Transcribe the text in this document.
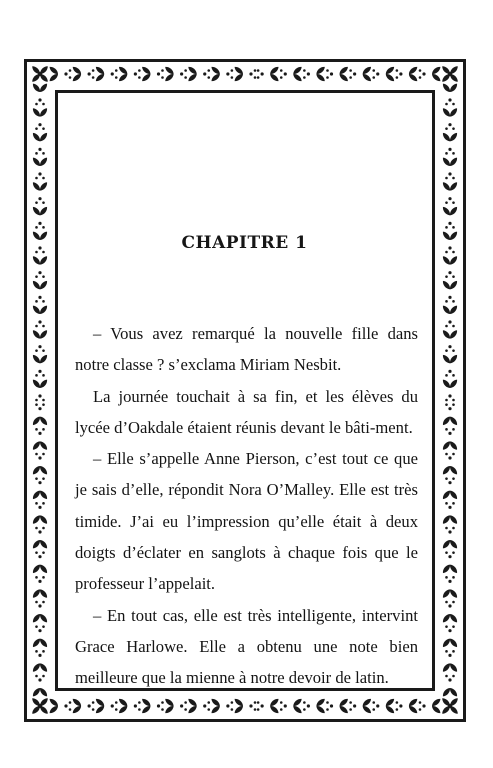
CHAPITRE 1

– Vous avez remarqué la nouvelle fille dans notre classe ? s’exclama Miriam Nesbit.

La journée touchait à sa fin, et les élèves du lycée d’Oakdale étaient réunis devant le bâti-ment.

– Elle s’appelle Anne Pierson, c’est tout ce que je sais d’elle, répondit Nora O’Malley. Elle est très timide. J’ai eu l’impression qu’elle était à deux doigts d’éclater en sanglots à chaque fois que le professeur l’appelait.

– En tout cas, elle est très intelligente, intervint Grace Harlowe. Elle a obtenu une note bien meilleure que la mienne à notre devoir de latin.
